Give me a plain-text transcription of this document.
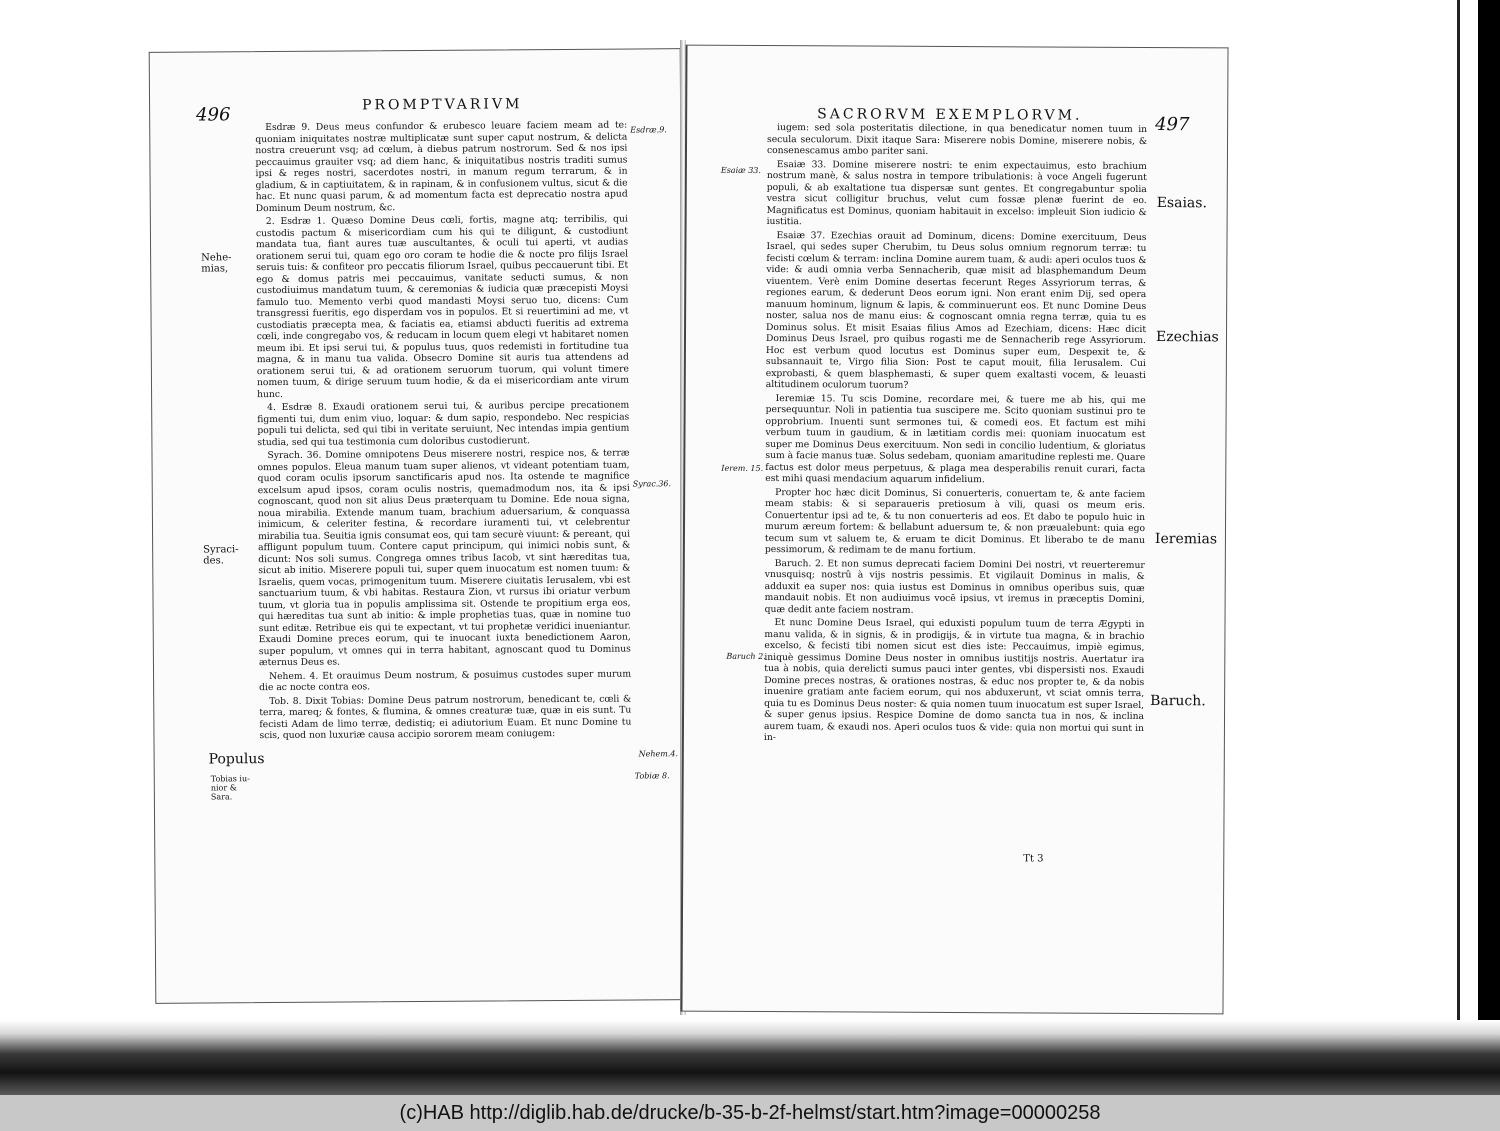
496	PROMPTVARIVM

Esdræ 9. Deus meus confundor & erubesco leuare faciem meam ad te: quoniam iniquitates nostræ multiplicatæ sunt super caput nostrum, & delicta nostra creuerunt vsq; ad cœlum, à diebus patrum nostrorum. Sed & nos ipsi peccauimus grauiter vsq; ad diem hanc, & iniquitatibus nostris traditi sumus ipsi & reges nostri, sacerdotes nostri, in manum regum terrarum, & in gladium, & in captiuitatem, & in rapinam, & in confusionem vultus, sicut & die hac. Et nunc quasi parum, & ad momentum facta est deprecatio nostra apud Dominum Deum nostrum, &c.

2. Esdræ 1. Quæso Domine Deus cœli, fortis, magne atq; terribilis, qui custodis pactum & misericordiam cum his qui te diligunt, & custodiunt mandata tua, fiant aures tuæ auscultantes, & oculi tui aperti, vt audias orationem serui tui, quam ego oro coram te hodie die & nocte pro filijs Israel seruis tuis: & confiteor pro peccatis filiorum Israel, quibus peccauerunt tibi. Et ego & domus patris mei peccauimus, vanitate seducti sumus, & non custodiuimus mandatum tuum, & ceremonias & iudicia quæ præcepisti Moysi famulo tuo. Memento verbi quod mandasti Moysi seruo tuo, dicens: Cum transgressi fueritis, ego disperdam vos in populos. Et si reuertimini ad me, vt custodiatis præcepta mea, & faciatis ea, etiamsi abducti fueritis ad extrema cœli, inde congregabo vos, & reducam in locum quem elegi vt habitaret nomen meum ibi. Et ipsi serui tui, & populus tuus, quos redemisti in fortitudine tua magna, & in manu tua valida. Obsecro Domine sit auris tua attendens ad orationem serui tui, & ad orationem seruorum tuorum, qui volunt timere nomen tuum, & dirige seruum tuum hodie, & da ei misericordiam ante virum hunc.

4. Esdræ 8. Exaudi orationem serui tui, & auribus percipe precationem figmenti tui, dum enim viuo, loquar: & dum sapio, respondebo. Nec respicias populi tui delicta, sed qui tibi in veritate seruiunt, Nec intendas impia gentium studia, sed qui tua testimonia cum doloribus custodierunt.

Syrach. 36. Domine omnipotens Deus miserere nostri, respice nos, & terræ omnes populos. Eleua manum tuam super alienos, vt videant potentiam tuam, quod coram oculis ipsorum sanctificaris apud nos. Ita ostende te magnifice excelsum apud ipsos, coram oculis nostris, quemadmodum nos, ita & ipsi cognoscant, quod non sit alius Deus præterquam tu Domine. Ede noua signa, noua mirabilia. Extende manum tuam, brachium aduersarium, & conquassa inimicum, & celeriter festina, & recordare iuramenti tui, vt celebrentur mirabilia tua. Seuitia ignis consumat eos, qui tam securè viuunt: & pereant, qui affligunt populum tuum. Contere caput principum, qui inimici nobis sunt, & dicunt: Nos soli sumus. Congrega omnes tribus Iacob, vt sint hæreditas tua, sicut ab initio. Miserere populi tui, super quem inuocatum est nomen tuum: & Israelis, quem vocas, primogenitum tuum. Miserere ciuitatis Ierusalem, vbi est sanctuarium tuum, & vbi habitas. Restaura Zion, vt rursus ibi oriatur verbum tuum, vt gloria tua in populis amplissima sit. Ostende te propitium erga eos, qui hæreditas tua sunt ab initio: & imple prophetias tuas, quæ in nomine tuo sunt editæ. Retribue eis qui te expectant, vt tui prophetæ veridici inueniantur. Exaudi Domine preces eorum, qui te inuocant iuxta benedictionem Aaron, super populum, vt omnes qui in terra habitant, agnoscant quod tu Dominus æternus Deus es.

Nehem. 4. Et orauimus Deum nostrum, & posuimus custodes super murum die ac nocte contra eos.

Tob. 8. Dixit Tobias: Domine Deus patrum nostrorum, benedicant te, cœli & terra, mareq; & fontes, & flumina, & omnes creaturæ tuæ, quæ in eis sunt. Tu fecisti Adam de limo terræ, dedistiq; ei adiutorium Euam. Et nunc Domine tu scis, quod non luxuriæ causa accipio sororem meam coniugem:

Esdræ.9.
Nehe- mias,
Syrac.36.
Syraci- des.
Nehem.4.
Populus
Tobias iu- nior & Sara.
Tobiæ 8.
SACRORVM EXEMPLORVM.	497

iugem: sed sola posteritatis dilectione, in qua benedicatur nomen tuum in secula seculorum. Dixit itaque Sara: Miserere nobis Domine, miserere nobis, & consenescamus ambo pariter sani.

Esaiæ 33. Domine miserere nostri: te enim expectauimus, esto brachium nostrum manè, & salus nostra in tempore tribulationis: à voce Angeli fugerunt populi, & ab exaltatione tua dispersæ sunt gentes. Et congregabuntur spolia vestra sicut colligitur bruchus, velut cum fossæ plenæ fuerint de eo. Magnificatus est Dominus, quoniam habitauit in excelso: impleuit Sion iudicio & iustitia.

Esaiæ 37. Ezechias orauit ad Dominum, dicens: Domine exercituum, Deus Israel, qui sedes super Cherubim, tu Deus solus omnium regnorum terræ: tu fecisti cœlum & terram: inclina Domine aurem tuam, & audi: aperi oculos tuos & vide: & audi omnia verba Sennacherib, quæ misit ad blasphemandum Deum viuentem. Verè enim Domine desertas fecerunt Reges Assyriorum terras, & regiones earum, & dederunt Deos eorum igni. Non erant enim Dij, sed opera manuum hominum, lignum & lapis, & comminuerunt eos. Et nunc Domine Deus noster, salua nos de manu eius: & cognoscant omnia regna terræ, quia tu es Dominus solus. Et misit Esaias filius Amos ad Ezechiam, dicens: Hæc dicit Dominus Deus Israel, pro quibus rogasti me de Sennacherib rege Assyriorum. Hoc est verbum quod locutus est Dominus super eum, Despexit te, & subsannauit te, Virgo filia Sion: Post te caput mouit, filia Ierusalem. Cui exprobasti, & quem blasphemasti, & super quem exaltasti vocem, & leuasti altitudinem oculorum tuorum?

Ieremiæ 15. Tu scis Domine, recordare mei, & tuere me ab his, qui me persequuntur. Noli in patientia tua suscipere me. Scito quoniam sustinui pro te opprobrium. Inuenti sunt sermones tui, & comedi eos. Et factum est mihi verbum tuum in gaudium, & in lætitiam cordis mei: quoniam inuocatum est super me Dominus Deus exercituum. Non sedi in concilio ludentium, & gloriatus sum à facie manus tuæ. Solus sedebam, quoniam amaritudine replesti me. Quare factus est dolor meus perpetuus, & plaga mea desperabilis renuit curari, facta est mihi quasi mendacium aquarum infidelium.

Propter hoc hæc dicit Dominus, Si conuerteris, conuertam te, & ante faciem meam stabis: & si separaueris pretiosum à vili, quasi os meum eris. Conuertentur ipsi ad te, & tu non conuerteris ad eos. Et dabo te populo huic in murum æreum fortem: & bellabunt aduersum te, & non præualebunt: quia ego tecum sum vt saluem te, & eruam te dicit Dominus. Et liberabo te de manu pessimorum, & redimam te de manu fortium.

Baruch. 2. Et non sumus deprecati faciem Domini Dei nostri, vt reuerteremur vnusquisq; nostrû à vijs nostris pessimis. Et vigilauit Dominus in malis, & adduxit ea super nos: quia iustus est Dominus in omnibus operibus suis, quæ mandauit nobis. Et non audiuimus vocē ipsius, vt iremus in præceptis Domini, quæ dedit ante faciem nostram.

Et nunc Domine Deus Israel, qui eduxisti populum tuum de terra Ægypti in manu valida, & in signis, & in prodigijs, & in virtute tua magna, & in brachio excelso, & fecisti tibi nomen sicut est dies iste: Peccauimus, impiè egimus, iniquè gessimus Domine Deus noster in omnibus iustitijs nostris. Auertatur ira tua à nobis, quia derelicti sumus pauci inter gentes, vbi dispersisti nos. Exaudi Domine preces nostras, & orationes nostras, & educ nos propter te, & da nobis inuenire gratiam ante faciem eorum, qui nos abduxerunt, vt sciat omnis terra, quia tu es Dominus Deus noster: & quia nomen tuum inuocatum est super Israel, & super genus ipsius. Respice Domine de domo sancta tua in nos, & inclina aurem tuam, & exaudi nos. Aperi oculos tuos & vide: quia non mortui qui sunt in in-

Esaiæ 33.
Esaias.
Ezechias
Ierem. 15.
Ieremias
Baruch 2.
Baruch.
Tt 3
(c)HAB http://diglib.hab.de/drucke/b-35-b-2f-helmst/start.htm?image=00000258
